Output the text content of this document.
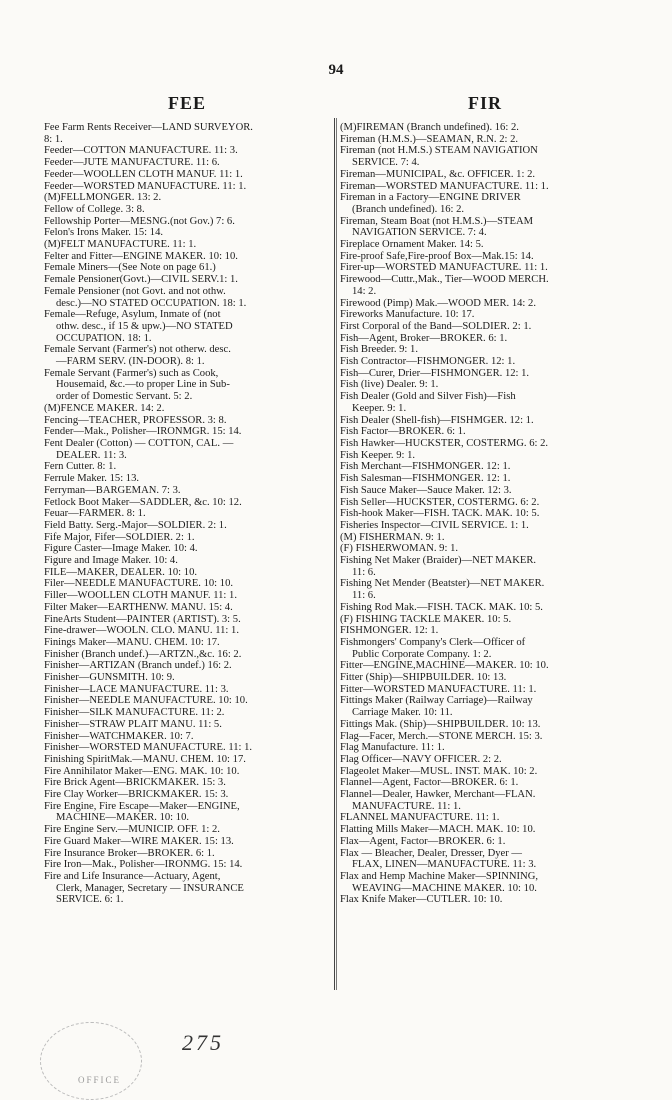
94
FEE	FIR
Fee Farm Rents Receiver—LAND SURVEYOR.
8: 1.
Feeder—COTTON MANUFACTURE. 11: 3.
Feeder—JUTE MANUFACTURE. 11: 6.
Feeder—WOOLLEN CLOTH MANUF. 11: 1.
Feeder—WORSTED MANUFACTURE. 11: 1.
(M)FELLMONGER. 13: 2.
Fellow of College. 3: 8.
Fellowship Porter—MESNG.(not Gov.) 7: 6.
Felon's Irons Maker. 15: 14.
(M)FELT MANUFACTURE. 11: 1.
Felter and Fitter—ENGINE MAKER. 10: 10.
Female Miners—(See Note on page 61.)
Female Pensioner(Govt.)—CIVIL SERV.1: 1.
Female Pensioner (not Govt. and not othw.
desc.)—NO STATED OCCUPATION. 18: 1.
Female—Refuge, Asylum, Inmate of (not
othw. desc., if 15 & upw.)—NO STATED
OCCUPATION. 18: 1.
Female Servant (Farmer's) not otherw. desc.
—FARM SERV. (IN-DOOR). 8: 1.
Female Servant (Farmer's) such as Cook,
Housemaid, &c.—to proper Line in Sub-
order of Domestic Servant. 5: 2.
(M)FENCE MAKER. 14: 2.
Fencing—TEACHER, PROFESSOR. 3: 8.
Fender—Mak., Polisher—IRONMGR. 15: 14.
Fent Dealer (Cotton) — COTTON, CAL. —
DEALER. 11: 3.
Fern Cutter. 8: 1.
Ferrule Maker. 15: 13.
Ferryman—BARGEMAN. 7: 3.
Fetlock Boot Maker—SADDLER, &c. 10: 12.
Feuar—FARMER. 8: 1.
Field Batty. Serg.-Major—SOLDIER. 2: 1.
Fife Major, Fifer—SOLDIER. 2: 1.
Figure Caster—Image Maker. 10: 4.
Figure and Image Maker. 10: 4.
FILE—MAKER, DEALER. 10: 10.
Filer—NEEDLE MANUFACTURE. 10: 10.
Filler—WOOLLEN CLOTH MANUF. 11: 1.
Filter Maker—EARTHENW. MANU. 15: 4.
FineArts Student—PAINTER (ARTIST). 3: 5.
Fine-drawer—WOOLN. CLO. MANU. 11: 1.
Finings Maker—MANU. CHEM. 10: 17.
Finisher (Branch undef.)—ARTZN.,&c. 16: 2.
Finisher—ARTIZAN (Branch undef.) 16: 2.
Finisher—GUNSMITH. 10: 9.
Finisher—LACE MANUFACTURE. 11: 3.
Finisher—NEEDLE MANUFACTURE. 10: 10.
Finisher—SILK MANUFACTURE. 11: 2.
Finisher—STRAW PLAIT MANU. 11: 5.
Finisher—WATCHMAKER. 10: 7.
Finisher—WORSTED MANUFACTURE. 11: 1.
Finishing SpiritMak.—MANU. CHEM. 10: 17.
Fire Annihilator Maker—ENG. MAK. 10: 10.
Fire Brick Agent—BRICKMAKER. 15: 3.
Fire Clay Worker—BRICKMAKER. 15: 3.
Fire Engine, Fire Escape—Maker—ENGINE,
MACHINE—MAKER. 10: 10.
Fire Engine Serv.—MUNICIP. OFF. 1: 2.
Fire Guard Maker—WIRE MAKER. 15: 13.
Fire Insurance Broker—BROKER. 6: 1.
Fire Iron—Mak., Polisher—IRONMG. 15: 14.
Fire and Life Insurance—Actuary, Agent,
Clerk, Manager, Secretary — INSURANCE
SERVICE. 6: 1.
(M)FIREMAN (Branch undefined). 16: 2.
Fireman (H.M.S.)—SEAMAN, R.N. 2: 2.
Fireman (not H.M.S.) STEAM NAVIGATION
SERVICE. 7: 4.
Fireman—MUNICIPAL, &c. OFFICER. 1: 2.
Fireman—WORSTED MANUFACTURE. 11: 1.
Fireman in a Factory—ENGINE DRIVER
(Branch undefined). 16: 2.
Fireman, Steam Boat (not H.M.S.)—STEAM
NAVIGATION SERVICE. 7: 4.
Fireplace Ornament Maker. 14: 5.
Fire-proof Safe,Fire-proof Box—Mak.15: 14.
Firer-up—WORSTED MANUFACTURE. 11: 1.
Firewood—Cuttr.,Mak., Tier—WOOD MERCH.
14: 2.
Firewood (Pimp) Mak.—WOOD MER. 14: 2.
Fireworks Manufacture. 10: 17.
First Corporal of the Band—SOLDIER. 2: 1.
Fish—Agent, Broker—BROKER. 6: 1.
Fish Breeder. 9: 1.
Fish Contractor—FISHMONGER. 12: 1.
Fish—Curer, Drier—FISHMONGER. 12: 1.
Fish (live) Dealer. 9: 1.
Fish Dealer (Gold and Silver Fish)—Fish
Keeper. 9: 1.
Fish Dealer (Shell-fish)—FISHMGER. 12: 1.
Fish Factor—BROKER. 6: 1.
Fish Hawker—HUCKSTER, COSTERMG. 6: 2.
Fish Keeper. 9: 1.
Fish Merchant—FISHMONGER. 12: 1.
Fish Salesman—FISHMONGER. 12: 1.
Fish Sauce Maker—Sauce Maker. 12: 3.
Fish Seller—HUCKSTER, COSTERMG. 6: 2.
Fish-hook Maker—FISH. TACK. MAK. 10: 5.
Fisheries Inspector—CIVIL SERVICE. 1: 1.
(M) FISHERMAN. 9: 1.
(F) FISHERWOMAN. 9: 1.
Fishing Net Maker (Braider)—NET MAKER.
11: 6.
Fishing Net Mender (Beatster)—NET MAKER.
11: 6.
Fishing Rod Mak.—FISH. TACK. MAK. 10: 5.
(F) FISHING TACKLE MAKER. 10: 5.
FISHMONGER. 12: 1.
Fishmongers' Company's Clerk—Officer of
Public Corporate Company. 1: 2.
Fitter—ENGINE,MACHINE—MAKER. 10: 10.
Fitter (Ship)—SHIPBUILDER. 10: 13.
Fitter—WORSTED MANUFACTURE. 11: 1.
Fittings Maker (Railway Carriage)—Railway
Carriage Maker. 10: 11.
Fittings Mak. (Ship)—SHIPBUILDER. 10: 13.
Flag—Facer, Merch.—STONE MERCH. 15: 3.
Flag Manufacture. 11: 1.
Flag Officer—NAVY OFFICER. 2: 2.
Flageolet Maker—MUSL. INST. MAK. 10: 2.
Flannel—Agent, Factor—BROKER. 6: 1.
Flannel—Dealer, Hawker, Merchant—FLAN.
MANUFACTURE. 11: 1.
FLANNEL MANUFACTURE. 11: 1.
Flatting Mills Maker—MACH. MAK. 10: 10.
Flax—Agent, Factor—BROKER. 6: 1.
Flax — Bleacher, Dealer, Dresser, Dyer —
FLAX, LINEN—MANUFACTURE. 11: 3.
Flax and Hemp Machine Maker—SPINNING,
WEAVING—MACHINE MAKER. 10: 10.
Flax Knife Maker—CUTLER. 10: 10.
OFFICE
275
